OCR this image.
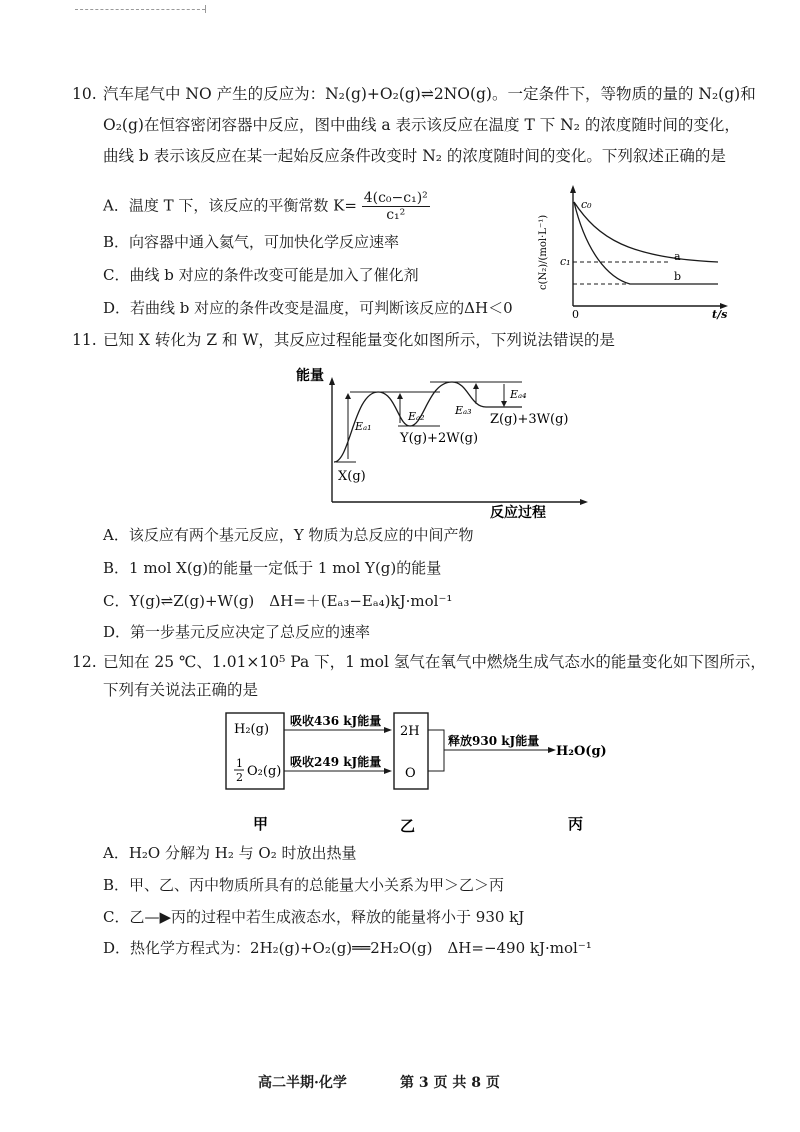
10. 汽车尾气中 NO 产生的反应为：N₂(g)+O₂(g)⇌2NO(g)。一定条件下，等物质的量的 N₂(g)和
O₂(g)在恒容密闭容器中反应，图中曲线 a 表示该反应在温度 T 下 N₂ 的浓度随时间的变化，
曲线 b 表示该反应在某一起始反应条件改变时 N₂ 的浓度随时间的变化。下列叙述正确的是
A．温度 T 下，该反应的平衡常数 $K= \frac{\text{4(c₀−c₁)²}}{\text{c₁²}}$
B．向容器中通入氦气，可加快化学反应速率
C．曲线 b 对应的条件改变可能是加入了催化剂
D．若曲线 b 对应的条件改变是温度，可判断该反应的ΔH＜0
c(N₂)/(mol·L⁻¹)
c₀
c₁
0	t/s
a
b
11. 已知 X 转化为 Z 和 W，其反应过程能量变化如图所示，下列说法错误的是
能量
反应过程
Eₐ₁
Eₐ₂	Eₐ₃
Eₐ₄
X(g)
Y(g)+2W(g)
Z(g)+3W(g)
A．该反应有两个基元反应，Y 物质为总反应的中间产物
B．1 mol X(g)的能量一定低于 1 mol Y(g)的能量
C．Y(g)⇌Z(g)+W(g)　ΔH=＋(Eₐ₃−Eₐ₄)kJ·mol⁻¹
D．第一步基元反应决定了总反应的速率
12. 已知在 25 ℃、1.01×10⁵ Pa 下，1 mol 氢气在氧气中燃烧生成气态水的能量变化如下图所示，
下列有关说法正确的是
H₂(g)
1
2 O₂(g)
吸收436 kJ能量
吸收249 kJ能量
2H
O
释放930 kJ能量
H₂O(g)
甲	乙	丙
A．H₂O 分解为 H₂ 与 O₂ 时放出热量
B．甲、乙、丙中物质所具有的总能量大小关系为甲＞乙＞丙
C．乙—▶丙的过程中若生成液态水，释放的能量将小于 930 kJ
D．热化学方程式为：2H₂(g)+O₂(g)══2H₂O(g)　ΔH=−490 kJ·mol⁻¹
高二半期·化学	第 3 页 共 8 页
